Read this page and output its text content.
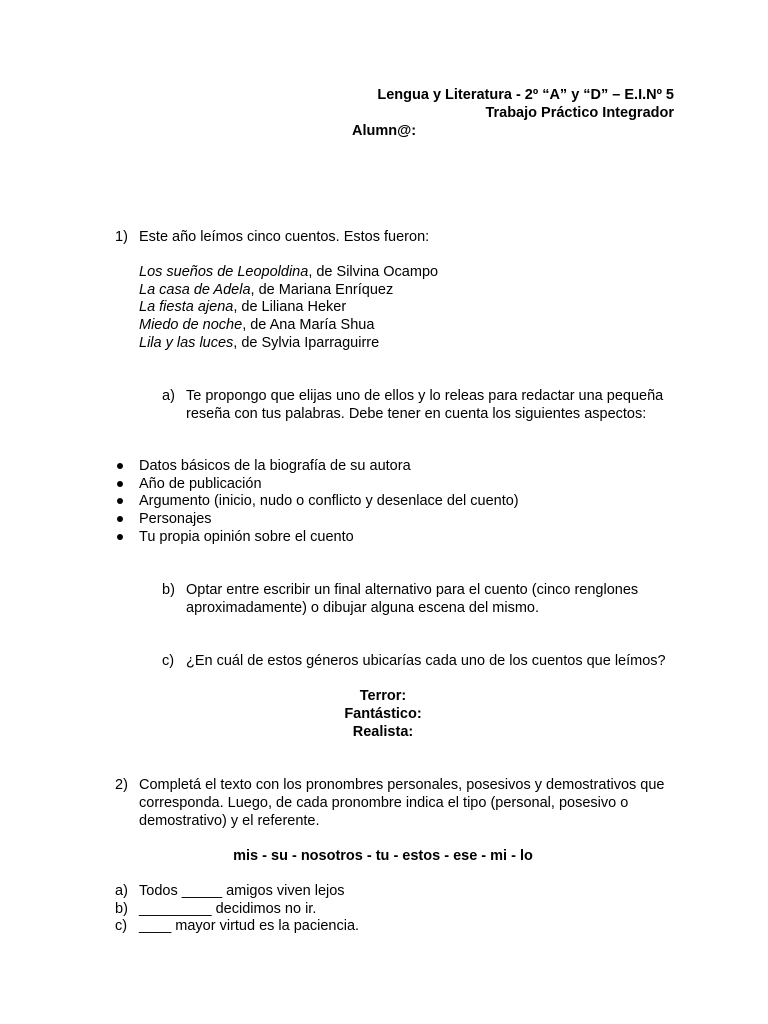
Lengua y Literatura - 2º “A” y “D” – E.I.Nº 5
Trabajo Práctico Integrador
Alumn@:
1) Este año leímos cinco cuentos. Estos fueron:
Los sueños de Leopoldina, de Silvina Ocampo
La casa de Adela, de Mariana Enríquez
La fiesta ajena, de Liliana Heker
Miedo de noche, de Ana María Shua
Lila y las luces, de Sylvia Iparraguirre
a) Te propongo que elijas uno de ellos y lo releas para redactar una pequeña
reseña con tus palabras. Debe tener en cuenta los siguientes aspectos:
Datos básicos de la biografía de su autora
Año de publicación
Argumento (inicio, nudo o conflicto y desenlace del cuento)
Personajes
Tu propia opinión sobre el cuento
b) Optar entre escribir un final alternativo para el cuento (cinco renglones
aproximadamente) o dibujar alguna escena del mismo.
c) ¿En cuál de estos géneros ubicarías cada uno de los cuentos que leímos?
Terror:
Fantástico:
Realista:
2) Completá el texto con los pronombres personales, posesivos y demostrativos que
corresponda. Luego, de cada pronombre indica el tipo (personal, posesivo o
demostrativo) y el referente.
mis - su - nosotros - tu - estos - ese - mi - lo
a) Todos _____ amigos viven lejos
b) _________ decidimos no ir.
c) ____ mayor virtud es la paciencia.
